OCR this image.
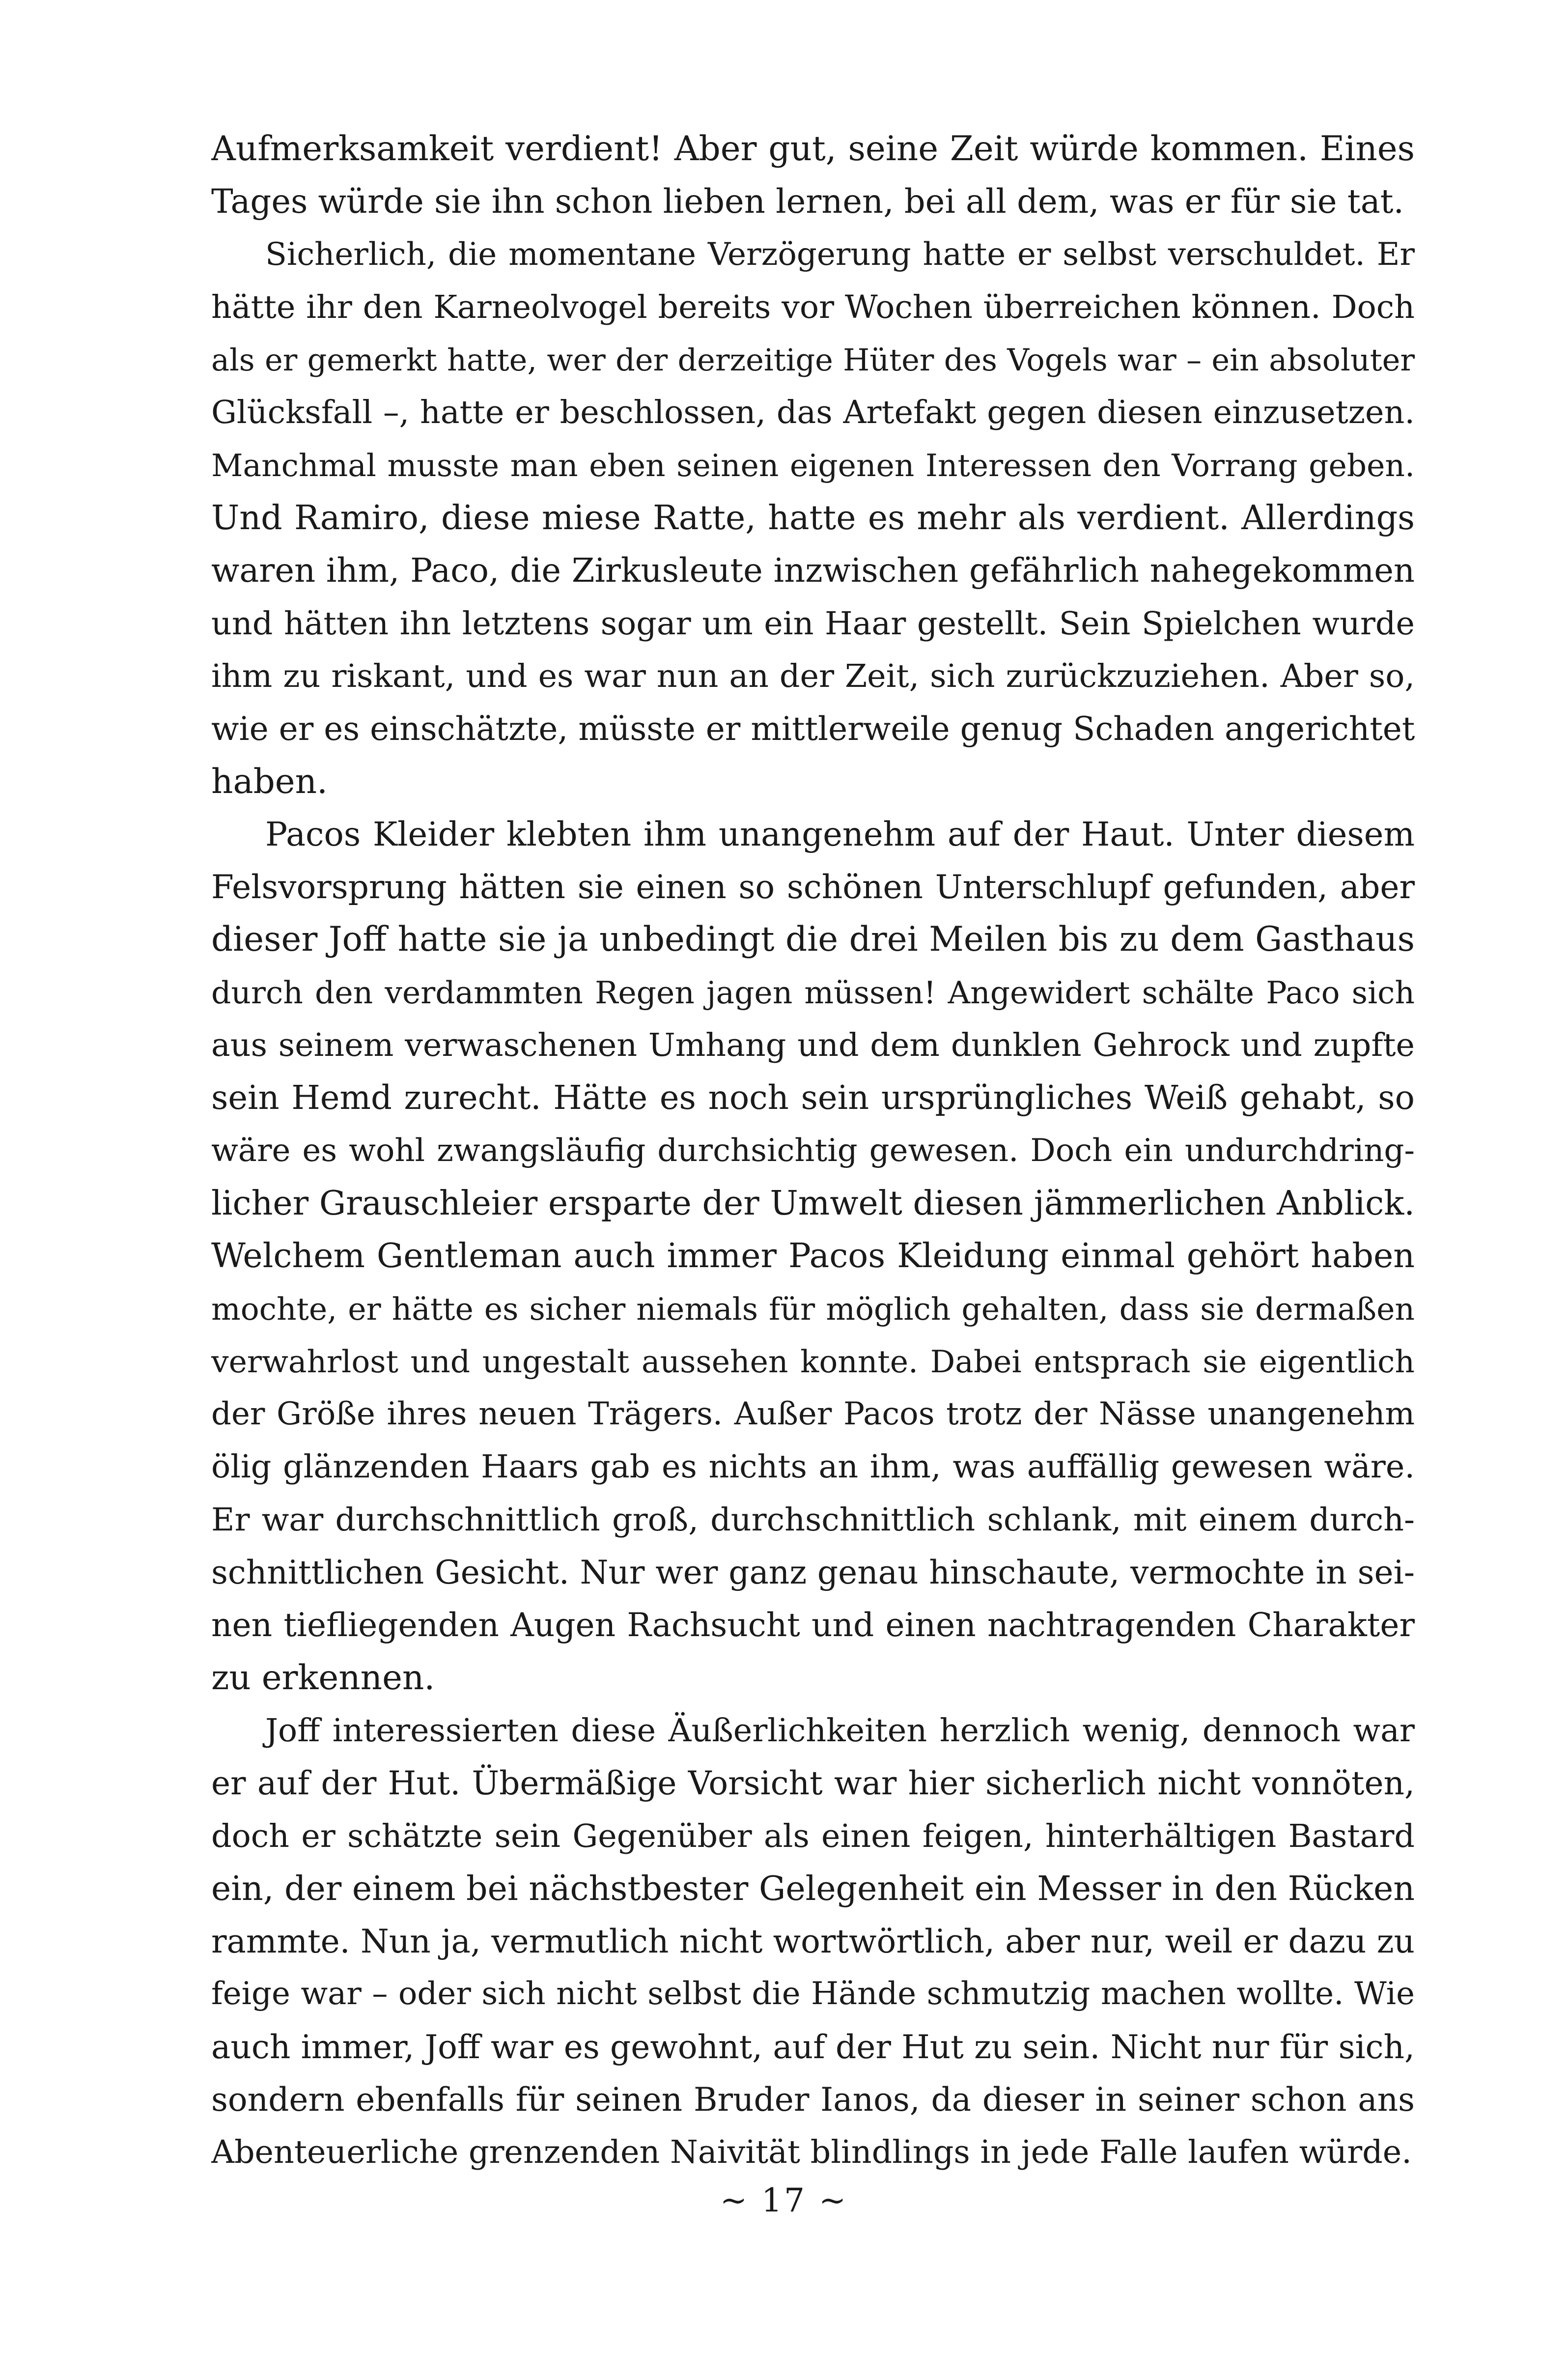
Aufmerksamkeit verdient! Aber gut, seine Zeit würde kommen. Eines
Tages würde sie ihn schon lieben lernen, bei all dem, was er für sie tat.

Sicherlich, die momentane Verzögerung hatte er selbst verschuldet. Er
hätte ihr den Karneolvogel bereits vor Wochen überreichen können. Doch
als er gemerkt hatte, wer der derzeitige Hüter des Vogels war – ein absoluter
Glücksfall –, hatte er beschlossen, das Artefakt gegen diesen einzusetzen.
Manchmal musste man eben seinen eigenen Interessen den Vorrang geben.
Und Ramiro, diese miese Ratte, hatte es mehr als verdient. Allerdings
waren ihm, Paco, die Zirkusleute inzwischen gefährlich nahegekommen
und hätten ihn letztens sogar um ein Haar gestellt. Sein Spielchen wurde
ihm zu riskant, und es war nun an der Zeit, sich zurückzuziehen. Aber so,
wie er es einschätzte, müsste er mittlerweile genug Schaden angerichtet
haben.

Pacos Kleider klebten ihm unangenehm auf der Haut. Unter diesem
Felsvorsprung hätten sie einen so schönen Unterschlupf gefunden, aber
dieser Joff hatte sie ja unbedingt die drei Meilen bis zu dem Gasthaus
durch den verdammten Regen jagen müssen! Angewidert schälte Paco sich
aus seinem verwaschenen Umhang und dem dunklen Gehrock und zupfte
sein Hemd zurecht. Hätte es noch sein ursprüngliches Weiß gehabt, so
wäre es wohl zwangsläufig durchsichtig gewesen. Doch ein undurchdring-
licher Grauschleier ersparte der Umwelt diesen jämmerlichen Anblick.
Welchem Gentleman auch immer Pacos Kleidung einmal gehört haben
mochte, er hätte es sicher niemals für möglich gehalten, dass sie dermaßen
verwahrlost und ungestalt aussehen konnte. Dabei entsprach sie eigentlich
der Größe ihres neuen Trägers. Außer Pacos trotz der Nässe unangenehm
ölig glänzenden Haars gab es nichts an ihm, was auffällig gewesen wäre.
Er war durchschnittlich groß, durchschnittlich schlank, mit einem durch-
schnittlichen Gesicht. Nur wer ganz genau hinschaute, vermochte in sei-
nen tiefliegenden Augen Rachsucht und einen nachtragenden Charakter
zu erkennen.

Joff interessierten diese Äußerlichkeiten herzlich wenig, dennoch war
er auf der Hut. Übermäßige Vorsicht war hier sicherlich nicht vonnöten,
doch er schätzte sein Gegenüber als einen feigen, hinterhältigen Bastard
ein, der einem bei nächstbester Gelegenheit ein Messer in den Rücken
rammte. Nun ja, vermutlich nicht wortwörtlich, aber nur, weil er dazu zu
feige war – oder sich nicht selbst die Hände schmutzig machen wollte. Wie
auch immer, Joff war es gewohnt, auf der Hut zu sein. Nicht nur für sich,
sondern ebenfalls für seinen Bruder Ianos, da dieser in seiner schon ans
Abenteuerliche grenzenden Naivität blindlings in jede Falle laufen würde.

~ 17 ~
